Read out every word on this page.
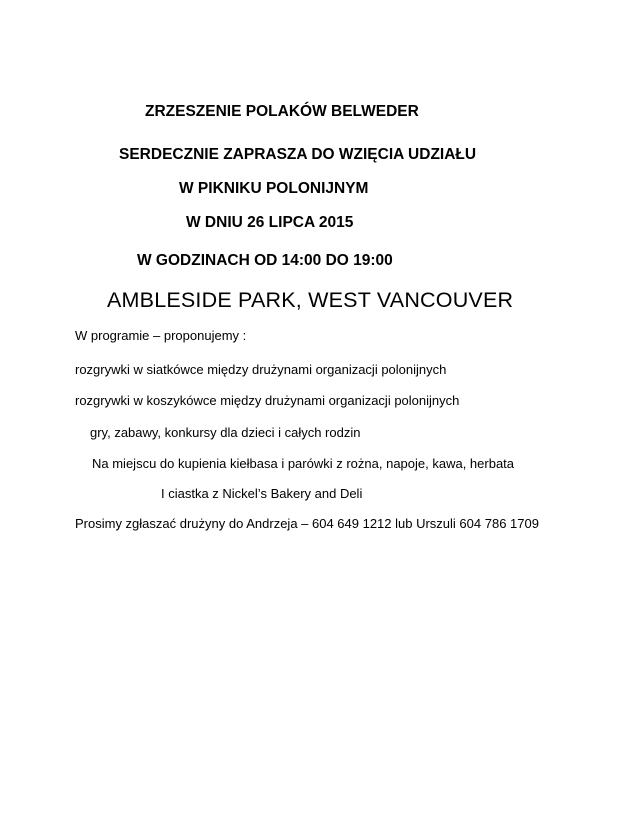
ZRZESZENIE POLAKÓW BELWEDER
SERDECZNIE ZAPRASZA DO WZIĘCIA UDZIAŁU
W PIKNIKU POLONIJNYM
W DNIU 26 LIPCA 2015
W GODZINACH OD 14:00 DO 19:00
AMBLESIDE PARK, WEST VANCOUVER
W programie – proponujemy :
rozgrywki w siatkówce między drużynami organizacji polonijnych
rozgrywki w koszykówce między drużynami organizacji polonijnych
gry, zabawy, konkursy dla dzieci i całych rodzin
Na miejscu do kupienia kiełbasa i parówki z rożna, napoje, kawa, herbata
I ciastka z Nickel’s Bakery and Deli
Prosimy zgłaszać drużyny do Andrzeja – 604 649 1212 lub Urszuli 604 786 1709
